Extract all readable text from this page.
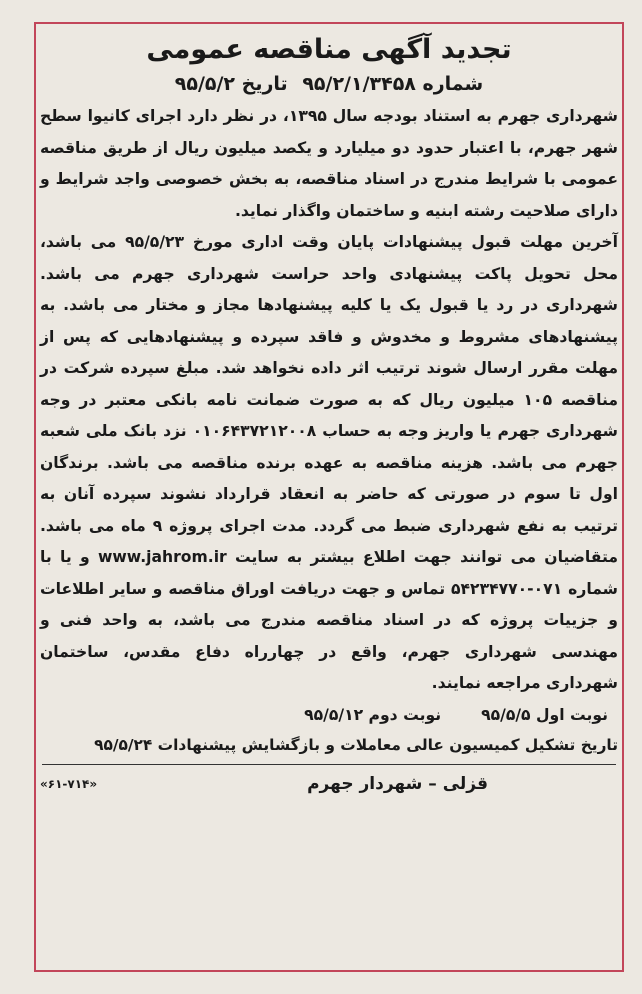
تجدید آگهی مناقصه عمومی
شماره ۹۵/۲/۱/۳۴۵۸ تاریخ ۹۵/۵/۲

شهرداری جهرم به استناد بودجه سال ۱۳۹۵، در نظر دارد اجرای کانیوا سطح شهر جهرم، با اعتبار حدود دو میلیارد و یکصد میلیون ریال از طریق مناقصه عمومی با شرایط مندرج در اسناد مناقصه، به بخش خصوصی واجد شرایط و دارای صلاحیت رشته ابنیه و ساختمان واگذار نماید.

آخرین مهلت قبول پیشنهادات پایان وقت اداری مورخ ۹۵/۵/۲۳ می باشد، محل تحویل پاکت پیشنهادی واحد حراست شهرداری جهرم می باشد. شهرداری در رد یا قبول یک یا کلیه پیشنهادها مجاز و مختار می باشد. به پیشنهادهای مشروط و مخدوش و فاقد سپرده و پیشنهادهایی که پس از مهلت مقرر ارسال شوند ترتیب اثر داده نخواهد شد. مبلغ سپرده شرکت در مناقصه ۱۰۵ میلیون ریال که به صورت ضمانت نامه بانکی معتبر در وجه شهرداری جهرم یا واریز وجه به حساب ۰۱۰۶۴۳۷۲۱۲۰۰۸ نزد بانک ملی شعبه جهرم می باشد. هزینه مناقصه به عهده برنده مناقصه می باشد. برندگان اول تا سوم در صورتی که حاضر به انعقاد قرارداد نشوند سپرده آنان به ترتیب به نفع شهرداری ضبط می گردد. مدت اجرای پروژه ۹ ماه می باشد. متقاضیان می توانند جهت اطلاع بیشتر به سایت www.jahrom.ir و یا با شماره ۰۷۱-۵۴۲۳۴۷۷۰ تماس و جهت دریافت اوراق مناقصه و سایر اطلاعات و جزییات پروژه که در اسناد مناقصه مندرج می باشد، به واحد فنی و مهندسی شهرداری جهرم، واقع در چهارراه دفاع مقدس، ساختمان شهرداری مراجعه نمایند.

نوبت اول ۹۵/۵/۵
نوبت دوم ۹۵/۵/۱۲
تاریخ تشکیل کمیسیون عالی معاملات و بازگشایش پیشنهادات ۹۵/۵/۲۴
قزلی – شهردار جهرم
«۶۱-۷۱۴»
